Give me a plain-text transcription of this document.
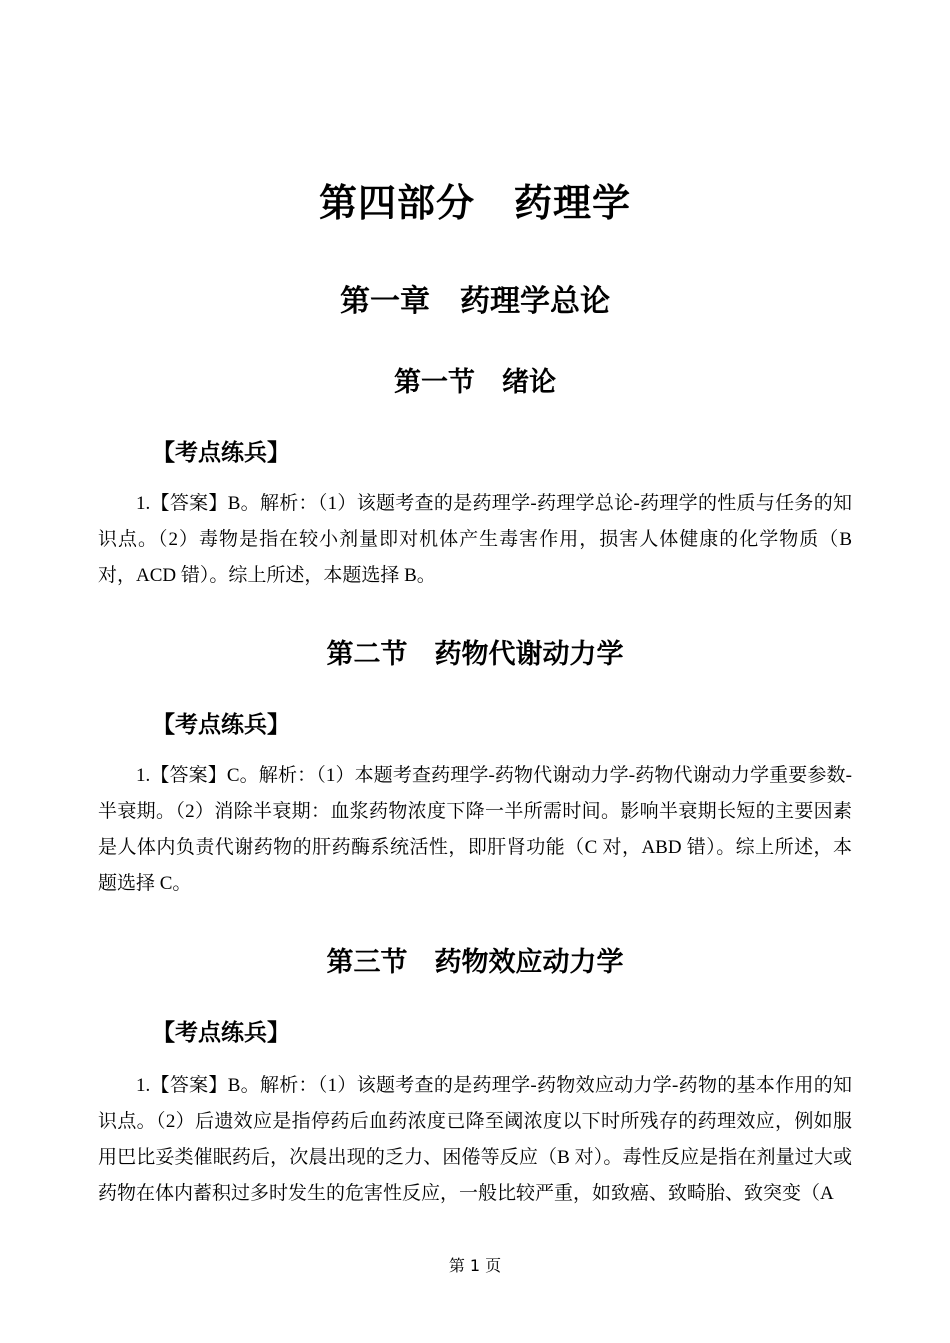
第四部分　药理学
第一章　药理学总论
第一节　绪论
【考点练兵】
1.【答案】B。解析：（1）该题考查的是药理学-药理学总论-药理学的性质与任务的知识点。（2）毒物是指在较小剂量即对机体产生毒害作用，损害人体健康的化学物质（B 对，ACD 错）。综上所述，本题选择 B。
第二节　药物代谢动力学
【考点练兵】
1.【答案】C。解析：（1）本题考查药理学-药物代谢动力学-药物代谢动力学重要参数-半衰期。（2）消除半衰期：血浆药物浓度下降一半所需时间。影响半衰期长短的主要因素是人体内负责代谢药物的肝药酶系统活性，即肝肾功能（C 对，ABD 错）。综上所述，本题选择 C。
第三节　药物效应动力学
【考点练兵】
1.【答案】B。解析：（1）该题考查的是药理学-药物效应动力学-药物的基本作用的知识点。（2）后遗效应是指停药后血药浓度已降至阈浓度以下时所残存的药理效应，例如服用巴比妥类催眠药后，次晨出现的乏力、困倦等反应（B 对）。毒性反应是指在剂量过大或药物在体内蓄积过多时发生的危害性反应，一般比较严重，如致癌、致畸胎、致突变（A
第 1 页
